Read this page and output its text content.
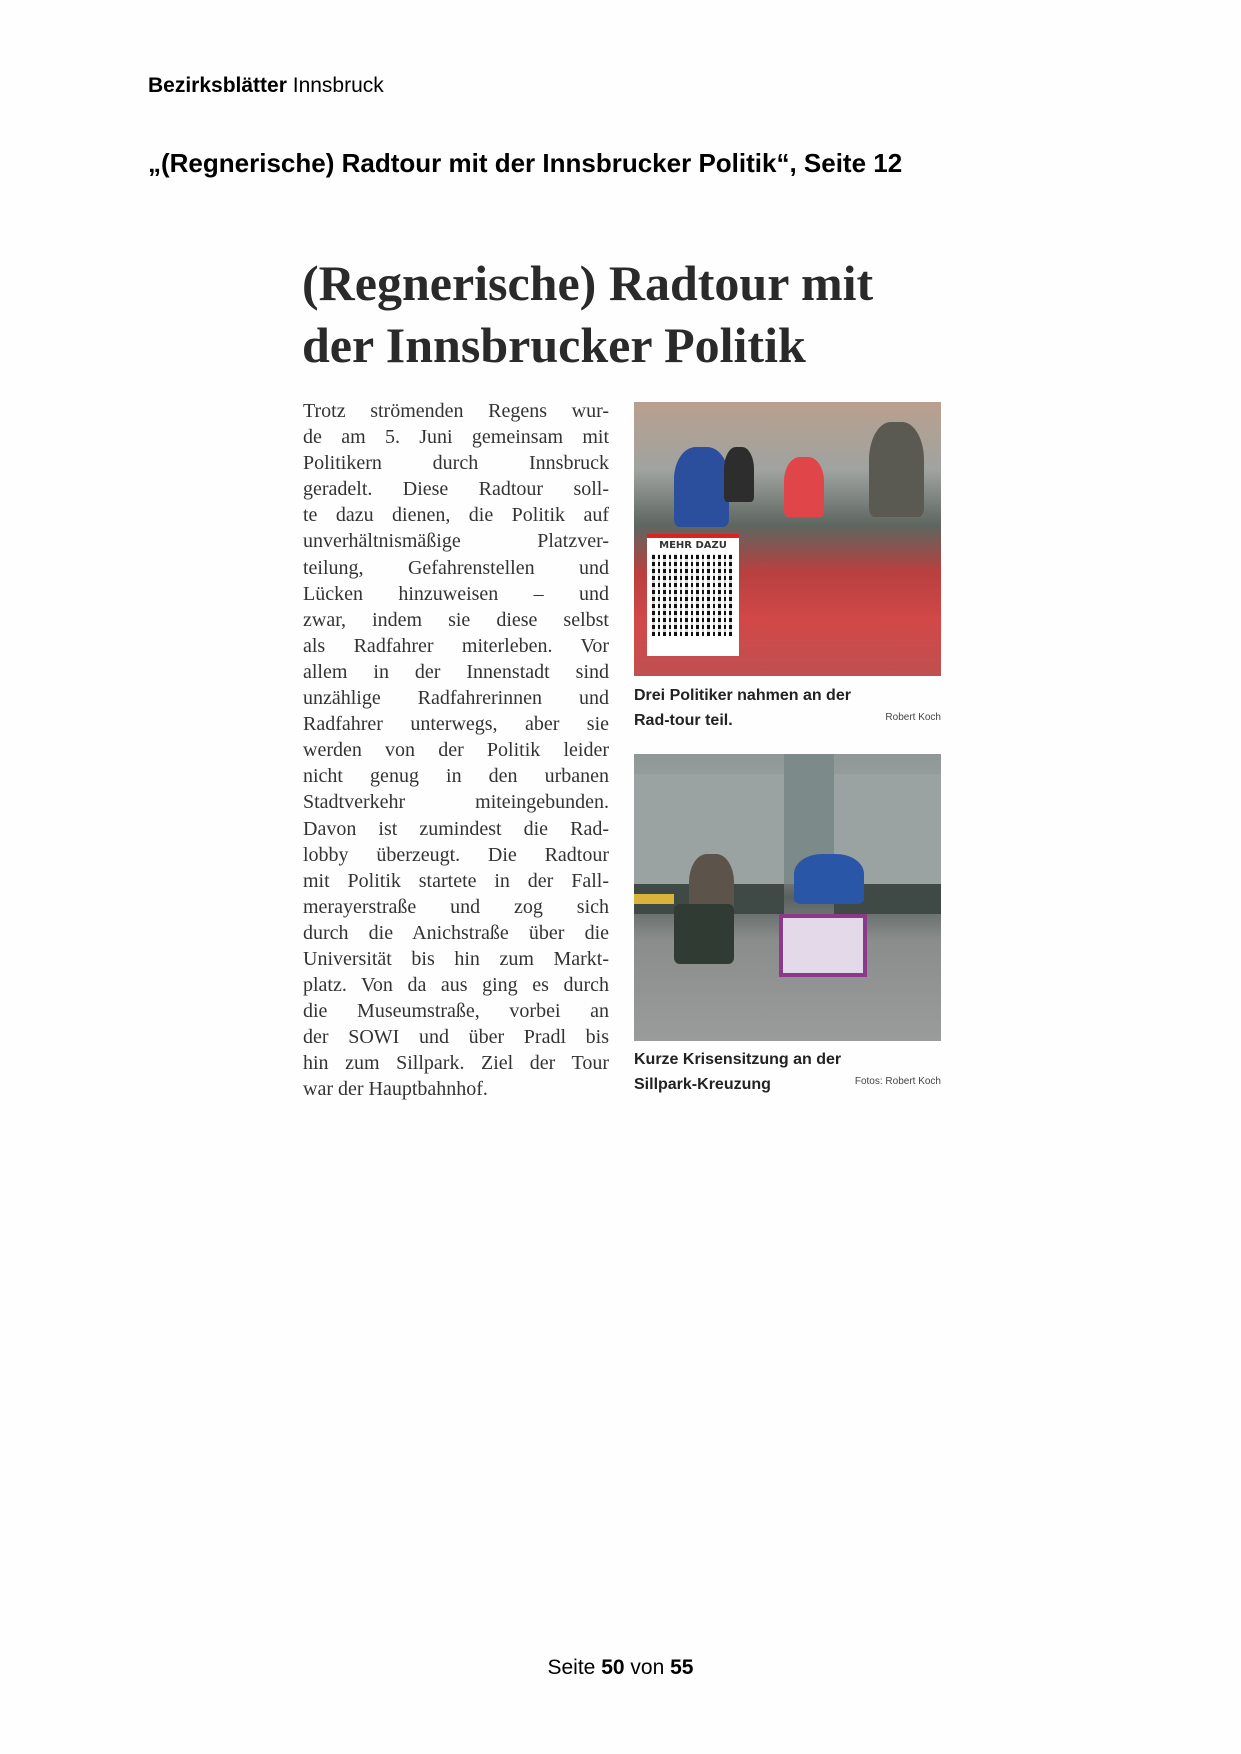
Bezirksblätter Innsbruck
„(Regnerische) Radtour mit der Innsbrucker Politik“, Seite 12
(Regnerische) Radtour mit
der Innsbrucker Politik
Trotz strömenden Regens wur-
de am 5. Juni gemeinsam mit
Politikern durch Innsbruck
geradelt. Diese Radtour soll-
te dazu dienen, die Politik auf
unverhältnismäßige Platzver-
teilung, Gefahrenstellen und
Lücken hinzuweisen – und
zwar, indem sie diese selbst
als Radfahrer miterleben. Vor
allem in der Innenstadt sind
unzählige Radfahrerinnen und
Radfahrer unterwegs, aber sie
werden von der Politik leider
nicht genug in den urbanen
Stadtverkehr miteingebunden.
Davon ist zumindest die Rad-
lobby überzeugt. Die Radtour
mit Politik startete in der Fall-
merayerstraße und zog sich
durch die Anichstraße über die
Universität bis hin zum Markt-
platz. Von da aus ging es durch
die Museumstraße, vorbei an
der SOWI und über Pradl bis
hin zum Sillpark. Ziel der Tour
war der Hauptbahnhof.
MEHR DAZU
Drei Politiker nahmen an der Rad-tour teil.	Robert Koch
Kurze Krisensitzung an der Sillpark-Kreuzung	Fotos: Robert Koch
Seite 50 von 55
